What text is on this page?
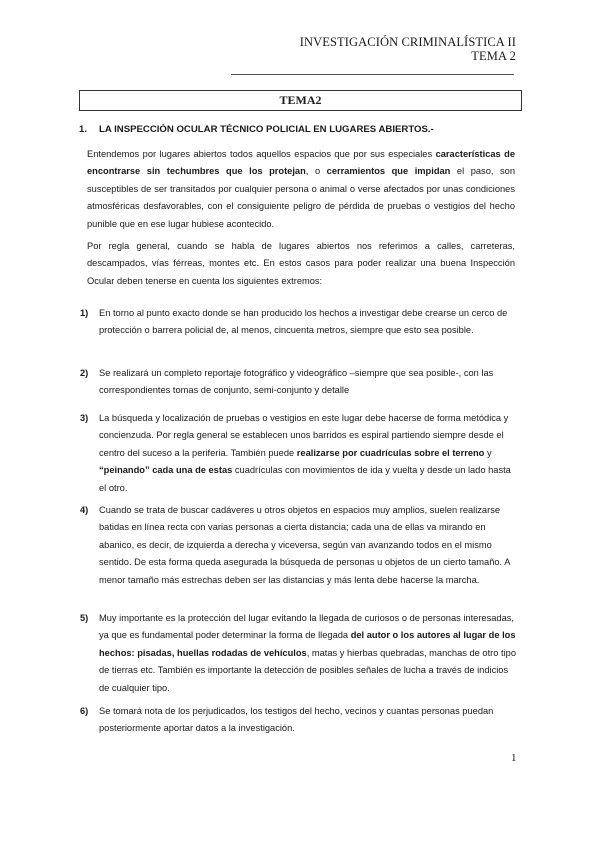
INVESTIGACIÓN CRIMINALÍSTICA II
TEMA 2
TEMA2
1. LA INSPECCIÓN OCULAR TÉCNICO POLICIAL EN LUGARES ABIERTOS.-
Entendemos por lugares abiertos todos aquellos espacios que por sus especiales características de encontrarse sin techumbres que los protejan, o cerramientos que impidan el paso, son susceptibles de ser transitados por cualquier persona o animal o verse afectados por unas condiciones atmosféricas desfavorables, con el consiguiente peligro de pérdida de pruebas o vestigios del hecho punible que en ese lugar hubiese acontecido.
Por regla general, cuando se habla de lugares abiertos nos referimos a calles, carreteras, descampados, vías férreas, montes etc. En estos casos para poder realizar una buena Inspección Ocular deben tenerse en cuenta los siguientes extremos:
1) En torno al punto exacto donde se han producido los hechos a investigar debe crearse un cerco de protección o barrera policial de, al menos, cincuenta metros, siempre que esto sea posible.
2) Se realizará un completo reportaje fotográfico y videográfico –siempre que sea posible-, con las correspondientes tomas de conjunto, semi-conjunto y detalle
3) La búsqueda y localización de pruebas o vestigios en este lugar debe hacerse de forma metódica y concienzuda. Por regla general se establecen unos barridos es espiral partiendo siempre desde el centro del suceso a la periferia. También puede realizarse por cuadrículas sobre el terreno y “peinando” cada una de estas cuadrículas con movimientos de ida y vuelta y desde un lado hasta el otro.
4) Cuando se trata de buscar cadáveres u otros objetos en espacios muy amplios, suelen realizarse batidas en línea recta con varias personas a cierta distancia; cada una de ellas va mirando en abanico, es decir, de izquierda a derecha y viceversa, según van avanzando todos en el mismo sentido. De esta forma queda asegurada la búsqueda de personas u objetos de un cierto tamaño. A menor tamaño más estrechas deben ser las distancias y más lenta debe hacerse la marcha.
5) Muy importante es la protección del lugar evitando la llegada de curiosos o de personas interesadas, ya que es fundamental poder determinar la forma de llegada del autor o los autores al lugar de los hechos: pisadas, huellas rodadas de vehículos, matas y hierbas quebradas, manchas de otro tipo de tierras etc. También es importante la detección de posibles señales de lucha a través de indicios de cualquier tipo.
6) Se tomará nota de los perjudicados, los testigos del hecho, vecinos y cuantas personas puedan posteriormente aportar datos a la investigación.
1
